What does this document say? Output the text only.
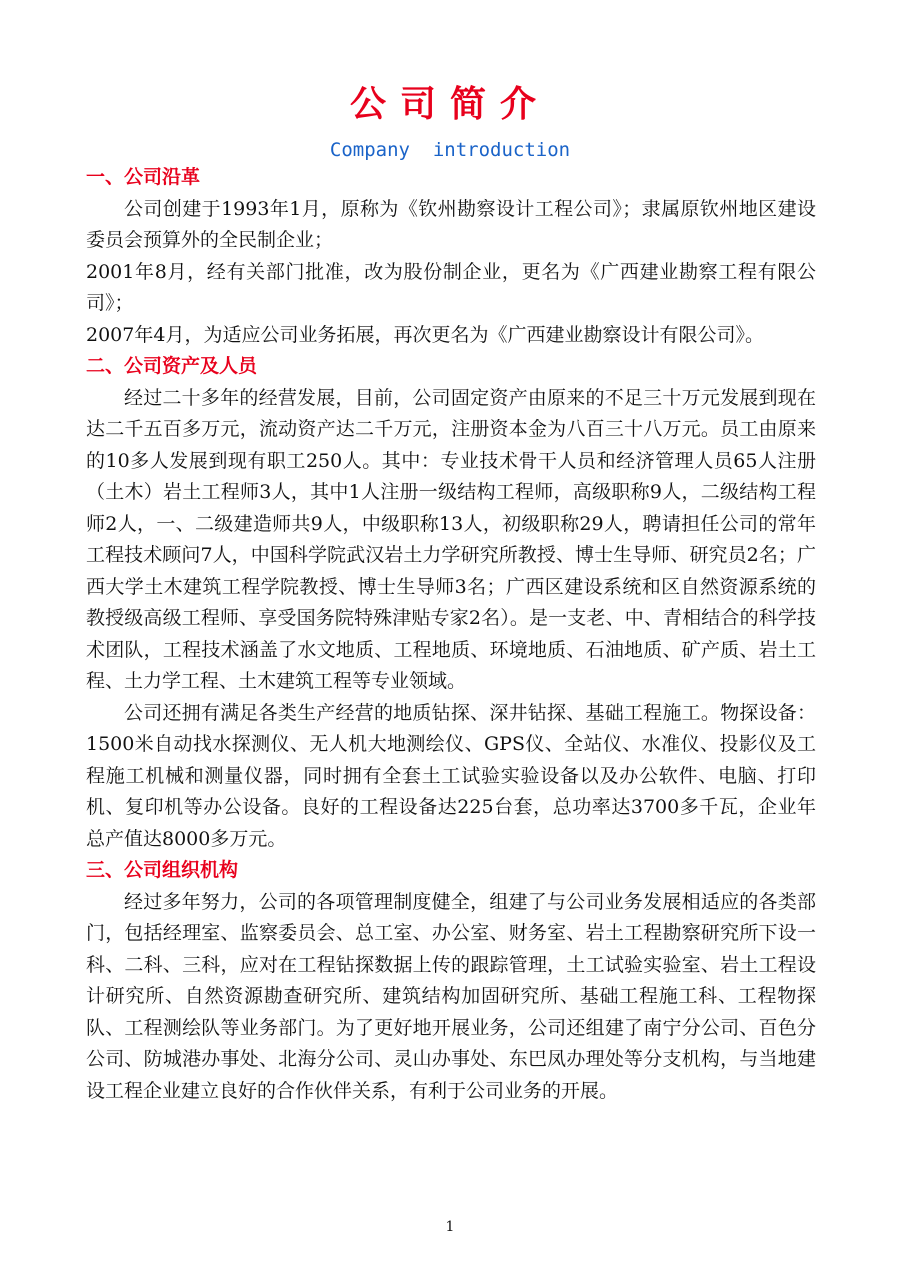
公司简介
Company  introduction

一、公司沿革

公司创建于1993年1月，原称为《钦州勘察设计工程公司》；隶属原钦州地区建设委员会预算外的全民制企业；

2001年8月，经有关部门批准，改为股份制企业，更名为《广西建业勘察工程有限公司》；

2007年4月，为适应公司业务拓展，再次更名为《广西建业勘察设计有限公司》。

二、公司资产及人员

经过二十多年的经营发展，目前，公司固定资产由原来的不足三十万元发展到现在达二千五百多万元，流动资产达二千万元，注册资本金为八百三十八万元。员工由原来的10多人发展到现有职工250人。其中：专业技术骨干人员和经济管理人员65人注册（土木）岩土工程师3人，其中1人注册一级结构工程师，高级职称9人，二级结构工程师2人，一、二级建造师共9人，中级职称13人，初级职称29人，聘请担任公司的常年工程技术顾问7人，中国科学院武汉岩土力学研究所教授、博士生导师、研究员2名；广西大学土木建筑工程学院教授、博士生导师3名；广西区建设系统和区自然资源系统的教授级高级工程师、享受国务院特殊津贴专家2名）。是一支老、中、青相结合的科学技术团队，工程技术涵盖了水文地质、工程地质、环境地质、石油地质、矿产质、岩土工程、土力学工程、土木建筑工程等专业领域。

公司还拥有满足各类生产经营的地质钻探、深井钻探、基础工程施工。物探设备：1500米自动找水探测仪、无人机大地测绘仪、GPS仪、全站仪、水准仪、投影仪及工程施工机械和测量仪器，同时拥有全套土工试验实验设备以及办公软件、电脑、打印机、复印机等办公设备。良好的工程设备达225台套，总功率达3700多千瓦，企业年总产值达8000多万元。

三、公司组织机构

经过多年努力，公司的各项管理制度健全，组建了与公司业务发展相适应的各类部门，包括经理室、监察委员会、总工室、办公室、财务室、岩土工程勘察研究所下设一科、二科、三科，应对在工程钻探数据上传的跟踪管理，土工试验实验室、岩土工程设计研究所、自然资源勘查研究所、建筑结构加固研究所、基础工程施工科、工程物探队、工程测绘队等业务部门。为了更好地开展业务，公司还组建了南宁分公司、百色分公司、防城港办事处、北海分公司、灵山办事处、东巴凤办理处等分支机构，与当地建设工程企业建立良好的合作伙伴关系，有利于公司业务的开展。

1
